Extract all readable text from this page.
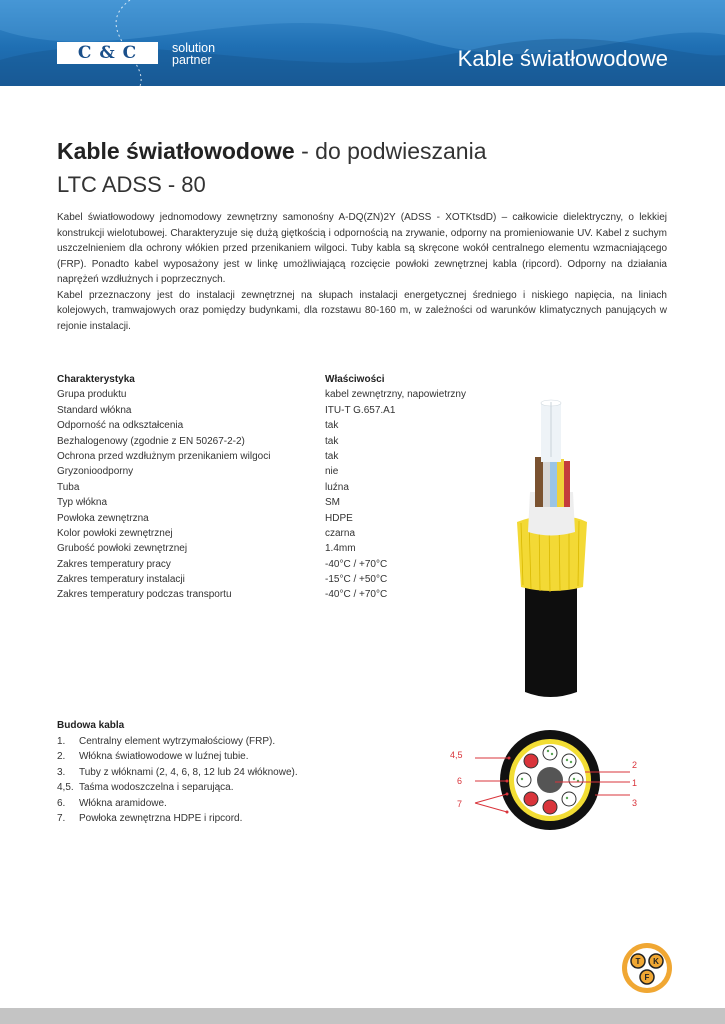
C & C	solution
partner	Kable światłowodowe
Kable światłowodowe - do podwieszania
LTC ADSS - 80

Kabel światłowodowy jednomodowy zewnętrzny samonośny A-DQ(ZN)2Y (ADSS - XOTKtsdD) – całkowicie dielektryczny, o lekkiej konstrukcji wielotubowej. Charakteryzuje się dużą giętkością i odpornością na zrywanie, odporny na promieniowanie UV. Kabel z suchym uszczelnieniem dla ochrony włókien przed przenikaniem wilgoci. Tuby kabla są skręcone wokół centralnego elementu wzmacniającego (FRP). Ponadto kabel wyposażony jest w linkę umożliwiającą rozcięcie powłoki zewnętrznej kabla (ripcord). Odporny na działania naprężeń wzdłużnych i poprzecznych.

Kabel przeznaczony jest do instalacji zewnętrznej na słupach instalacji energetycznej średniego i niskiego napięcia, na liniach kolejowych, tramwajowych oraz pomiędzy budynkami, dla rozstawu 80-160 m, w zależności od warunków klimatycznych panujących w rejonie instalacji.

Charakterystyka	Właściwości
Grupa produktu	kabel zewnętrzny, napowietrzny
Standard włókna	ITU-T G.657.A1
Odporność na odkształcenia	tak
Bezhalogenowy (zgodnie z EN 50267-2-2)	tak
Ochrona przed wzdłużnym przenikaniem wilgoci	tak
Gryzonioodporny	nie
Tuba	luźna
Typ włókna	SM
Powłoka zewnętrzna	HDPE
Kolor powłoki zewnętrznej	czarna
Grubość powłoki zewnętrznej	1.4mm
Zakres temperatury pracy	-40°C / +70°C
Zakres temperatury instalacji	-15°C / +50°C
Zakres temperatury podczas transportu	-40°C / +70°C
Budowa kabla
1.	Centralny element wytrzymałościowy (FRP).
2.	Włókna światłowodowe w luźnej tubie.
3.	Tuby z włóknami (2, 4, 6, 8, 12 lub 24 włóknowe).
4,5. Taśma wodoszczelna i separująca.
6.	Włókna aramidowe.
7.	Powłoka zewnętrzna HDPE i ripcord.
4,5
6
7
2
1
3
T K
F
